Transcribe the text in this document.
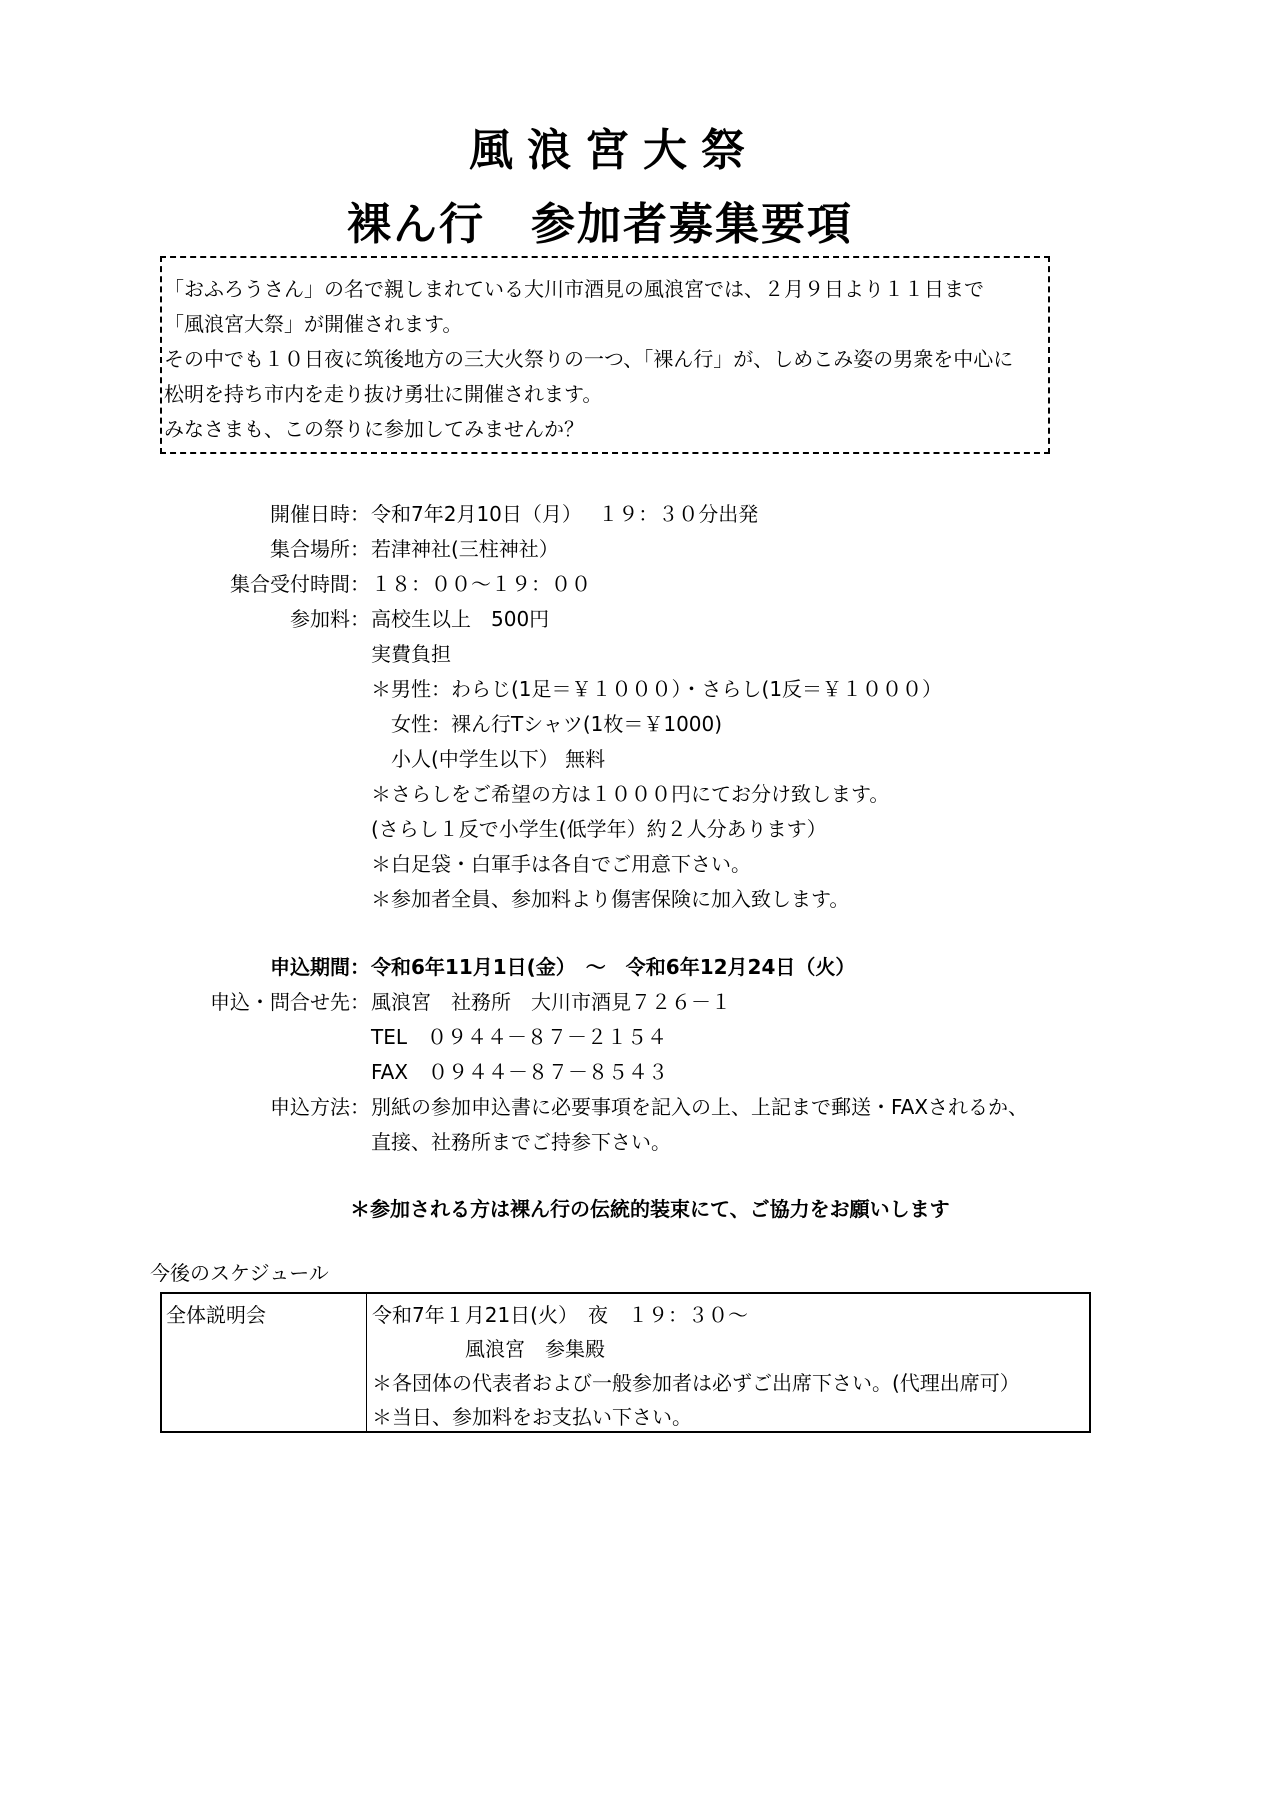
風浪宮大祭
裸ん行　参加者募集要項
「おふろうさん」の名で親しまれている大川市酒見の風浪宮では、２月９日より１１日まで
「風浪宮大祭」が開催されます。
その中でも１０日夜に筑後地方の三大火祭りの一つ、「裸ん行」が、しめこみ姿の男衆を中心に
松明を持ち市内を走り抜け勇壮に開催されます。
みなさまも、この祭りに参加してみませんか？
開催日時 ： 令和7年2月10日（月）　 １９：３０分出発
集合場所 ： 若津神社(三柱神社）
集合受付時間 ： １８：００～１９：００
参加料 ： 高校生以上　500円
実費負担
＊男性：わらじ(1足＝￥１０００）・さらし(1反＝￥１０００）
　女性：裸ん行Tシャツ(1枚＝￥1000)
　小人(中学生以下） 無料
＊さらしをご希望の方は１０００円にてお分け致します。
(さらし１反で小学生(低学年）約２人分あります）
＊白足袋・白軍手は各自でご用意下さい。
＊参加者全員、参加料より傷害保険に加入致します。
申込期間 ： 令和6年11月1日(金）　～　令和6年12月24日（火）
申込・問合せ先 ： 風浪宮　社務所　大川市酒見７２６－１
TEL　０９４４－８７－２１５４
FAX　０９４４－８７－８５４３
申込方法 ： 別紙の参加申込書に必要事項を記入の上、上記まで郵送・FAXされるか、
直接、社務所までご持参下さい。
＊参加される方は裸ん行の伝統的装束にて、ご協力をお願いします
今後のスケジュール
全体説明会	令和7年１月21日(火）　夜　１９：３０～
風浪宮　参集殿
＊各団体の代表者および一般参加者は必ずご出席下さい。(代理出席可）
＊当日、参加料をお支払い下さい。
